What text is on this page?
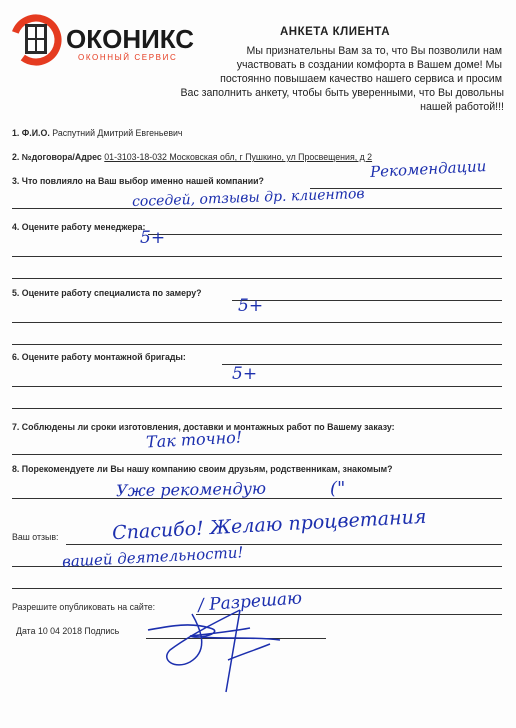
ОКОНИКС
ОКОННЫЙ СЕРВИС
АНКЕТА КЛИЕНТА
Мы признательны Вам за то, что Вы позволили нам
участвовать в создании комфорта в Вашем доме! Мы
постоянно повышаем качество нашего сервиса и просим
Вас заполнить анкету, чтобы быть уверенными, что Вы довольны нашей работой!!!
1. Ф.И.О. Распутний Дмитрий Евгеньевич
2. №договора/Адрес 01-3103-18-032 Московская обл, г Пушкино, ул Просвещения, д 2
3. Что повлияло на Ваш выбор именно нашей компании?	Рекомендации
соседей, отзывы др. клиентов
4. Оцените работу менеджера:
5+
5. Оцените работу специалиста по замеру?
5+
6. Оцените работу монтажной бригады:
5+
7. Соблюдены ли сроки изготовления, доставки и монтажных работ по Вашему заказу:
Так точно!
8. Порекомендуете ли Вы нашу компанию своим друзьям, родственникам, знакомым?
Уже рекомендую	("
Ваш отзыв:	Спасибо! Желаю процветания
вашей деятельности!
Разрешите опубликовать на сайте: / Разрешаю
Дата 10 04 2018 Подпись
